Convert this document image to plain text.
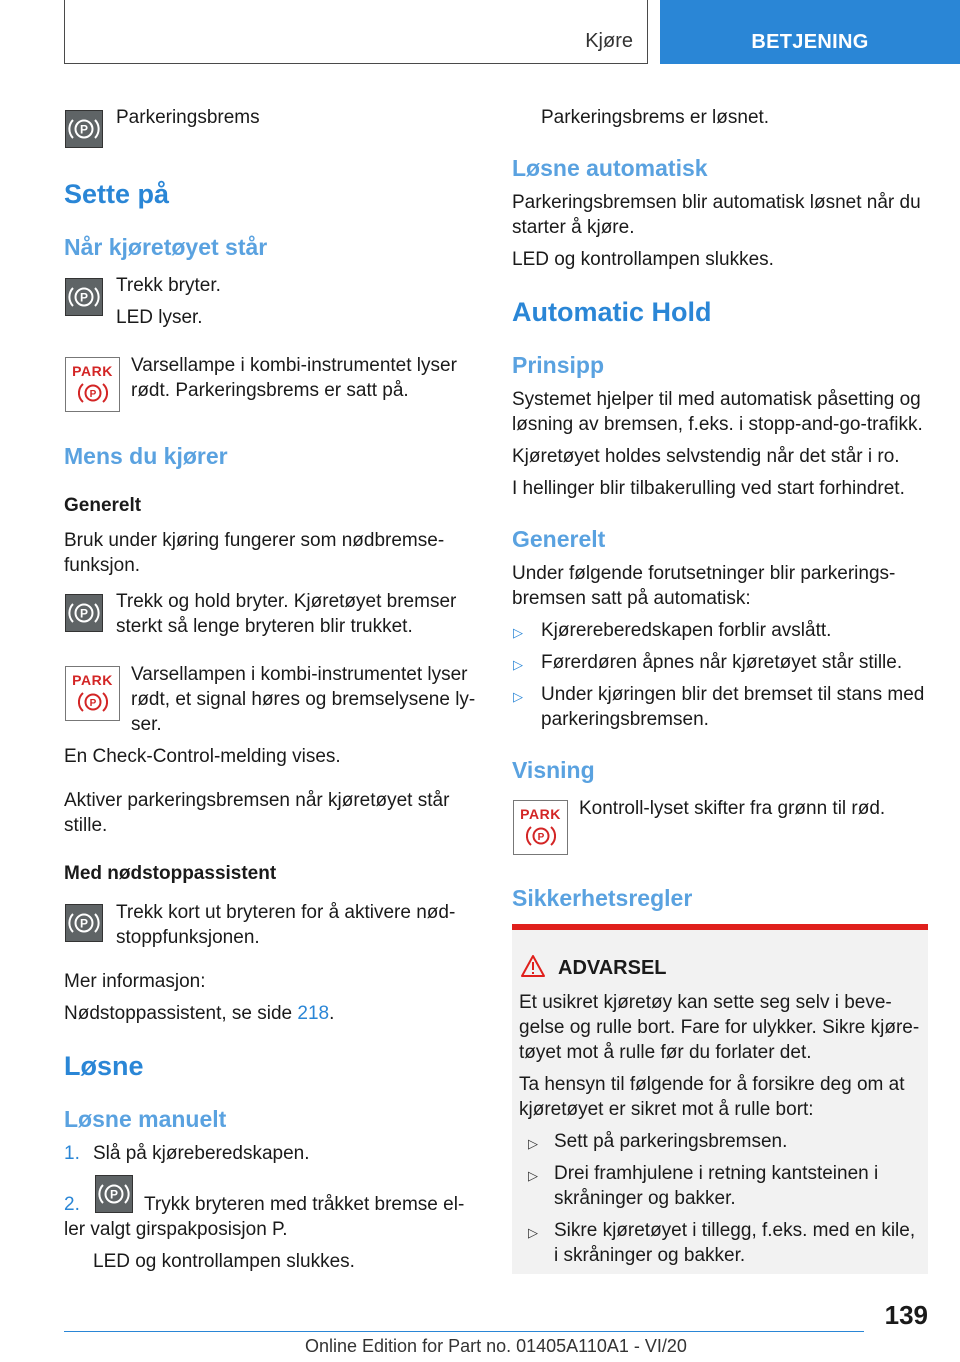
Kjøre	BETJENING
P
Parkeringsbrems
Sette på
Når kjøretøyet står
P
Trekk bryter.
LED lyser.
PARK
P
Varsellampe i kombi-instrumentet lyser
rødt. Parkeringsbrems er satt på.
Mens du kjører
Generelt
Bruk under kjøring fungerer som nødbremse-
funksjon.
P
Trekk og hold bryter. Kjøretøyet bremser
sterkt så lenge bryteren blir trukket.
PARK
P
Varsellampen i kombi-instrumentet lyser
rødt, et signal høres og bremselysene ly-
ser.
En Check-Control-melding vises.
Aktiver parkeringsbremsen når kjøretøyet står
stille.
Med nødstoppassistent
P
Trekk kort ut bryteren for å aktivere nød-
stoppfunksjonen.
Mer informasjon:
Nødstoppassistent, se side 218.
Løsne
Løsne manuelt
1. Slå på kjøreberedskapen.
2.	P Trykk bryteren med tråkket bremse el-
ler valgt girspakposisjon P.
LED og kontrollampen slukkes.
Parkeringsbrems er løsnet.
Løsne automatisk
Parkeringsbremsen blir automatisk løsnet når du
starter å kjøre.
LED og kontrollampen slukkes.
Automatic Hold
Prinsipp
Systemet hjelper til med automatisk påsetting og
løsning av bremsen, f.eks. i stopp-and-go-trafikk.
Kjøretøyet holdes selvstendig når det står i ro.
I hellinger blir tilbakerulling ved start forhindret.
Generelt
Under følgende forutsetninger blir parkerings-
bremsen satt på automatisk:
▷ Kjørereberedskapen forblir avslått.
▷ Førerdøren åpnes når kjøretøyet står stille.
▷ Under kjøringen blir det bremset til stans med
parkeringsbremsen.
Visning
PARK
P
Kontroll-lyset skifter fra grønn til rød.
Sikkerhetsregler
ADVARSEL
Et usikret kjøretøy kan sette seg selv i beve-
gelse og rulle bort. Fare for ulykker. Sikre kjøre-
tøyet mot å rulle før du forlater det.
Ta hensyn til følgende for å forsikre deg om at
kjøretøyet er sikret mot å rulle bort:
▷ Sett på parkeringsbremsen.
▷ Drei framhjulene i retning kantsteinen i
skråninger og bakker.
▷ Sikre kjøretøyet i tillegg, f.eks. med en kile,
i skråninger og bakker.
139
Online Edition for Part no. 01405A110A1 - VI/20
